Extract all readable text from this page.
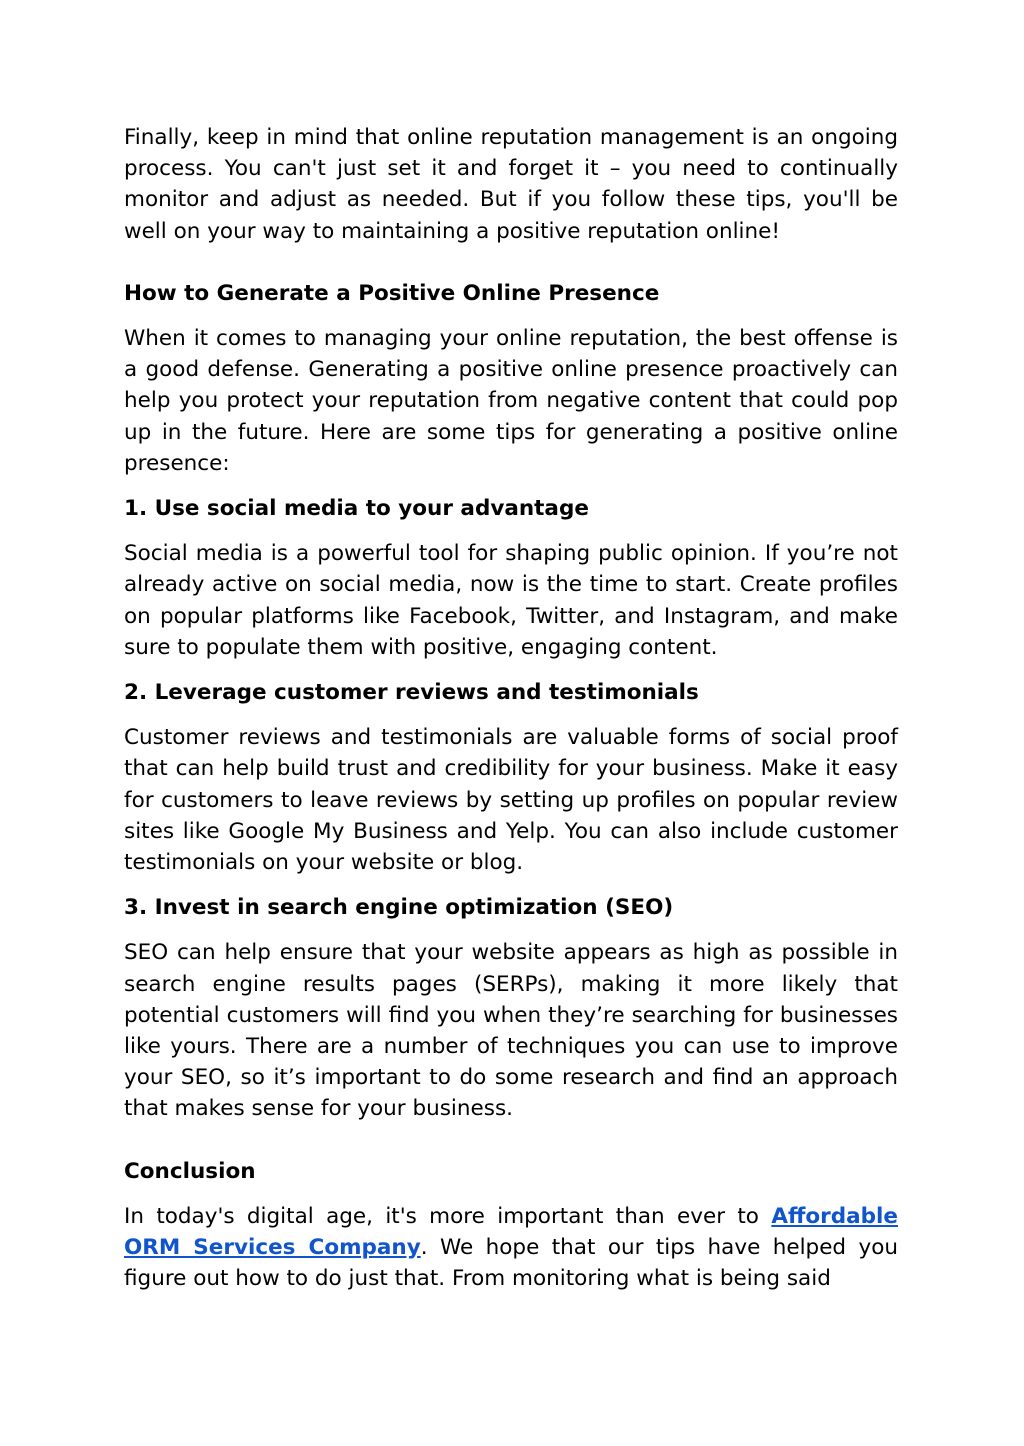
Finally, keep in mind that online reputation management is an ongoing process. You can't just set it and forget it – you need to continually monitor and adjust as needed. But if you follow these tips, you'll be well on your way to maintaining a positive reputation online!

How to Generate a Positive Online Presence

When it comes to managing your online reputation, the best offense is a good defense. Generating a positive online presence proactively can help you protect your reputation from negative content that could pop up in the future. Here are some tips for generating a positive online presence:

1. Use social media to your advantage

Social media is a powerful tool for shaping public opinion. If you’re not already active on social media, now is the time to start. Create profiles on popular platforms like Facebook, Twitter, and Instagram, and make sure to populate them with positive, engaging content.

2. Leverage customer reviews and testimonials

Customer reviews and testimonials are valuable forms of social proof that can help build trust and credibility for your business. Make it easy for customers to leave reviews by setting up profiles on popular review sites like Google My Business and Yelp. You can also include customer testimonials on your website or blog.

3. Invest in search engine optimization (SEO)

SEO can help ensure that your website appears as high as possible in search engine results pages (SERPs), making it more likely that potential customers will find you when they’re searching for businesses like yours. There are a number of techniques you can use to improve your SEO, so it’s important to do some research and find an approach that makes sense for your business.

Conclusion

In today's digital age, it's more important than ever to Affordable ORM Services Company. We hope that our tips have helped you figure out how to do just that. From monitoring what is being said
